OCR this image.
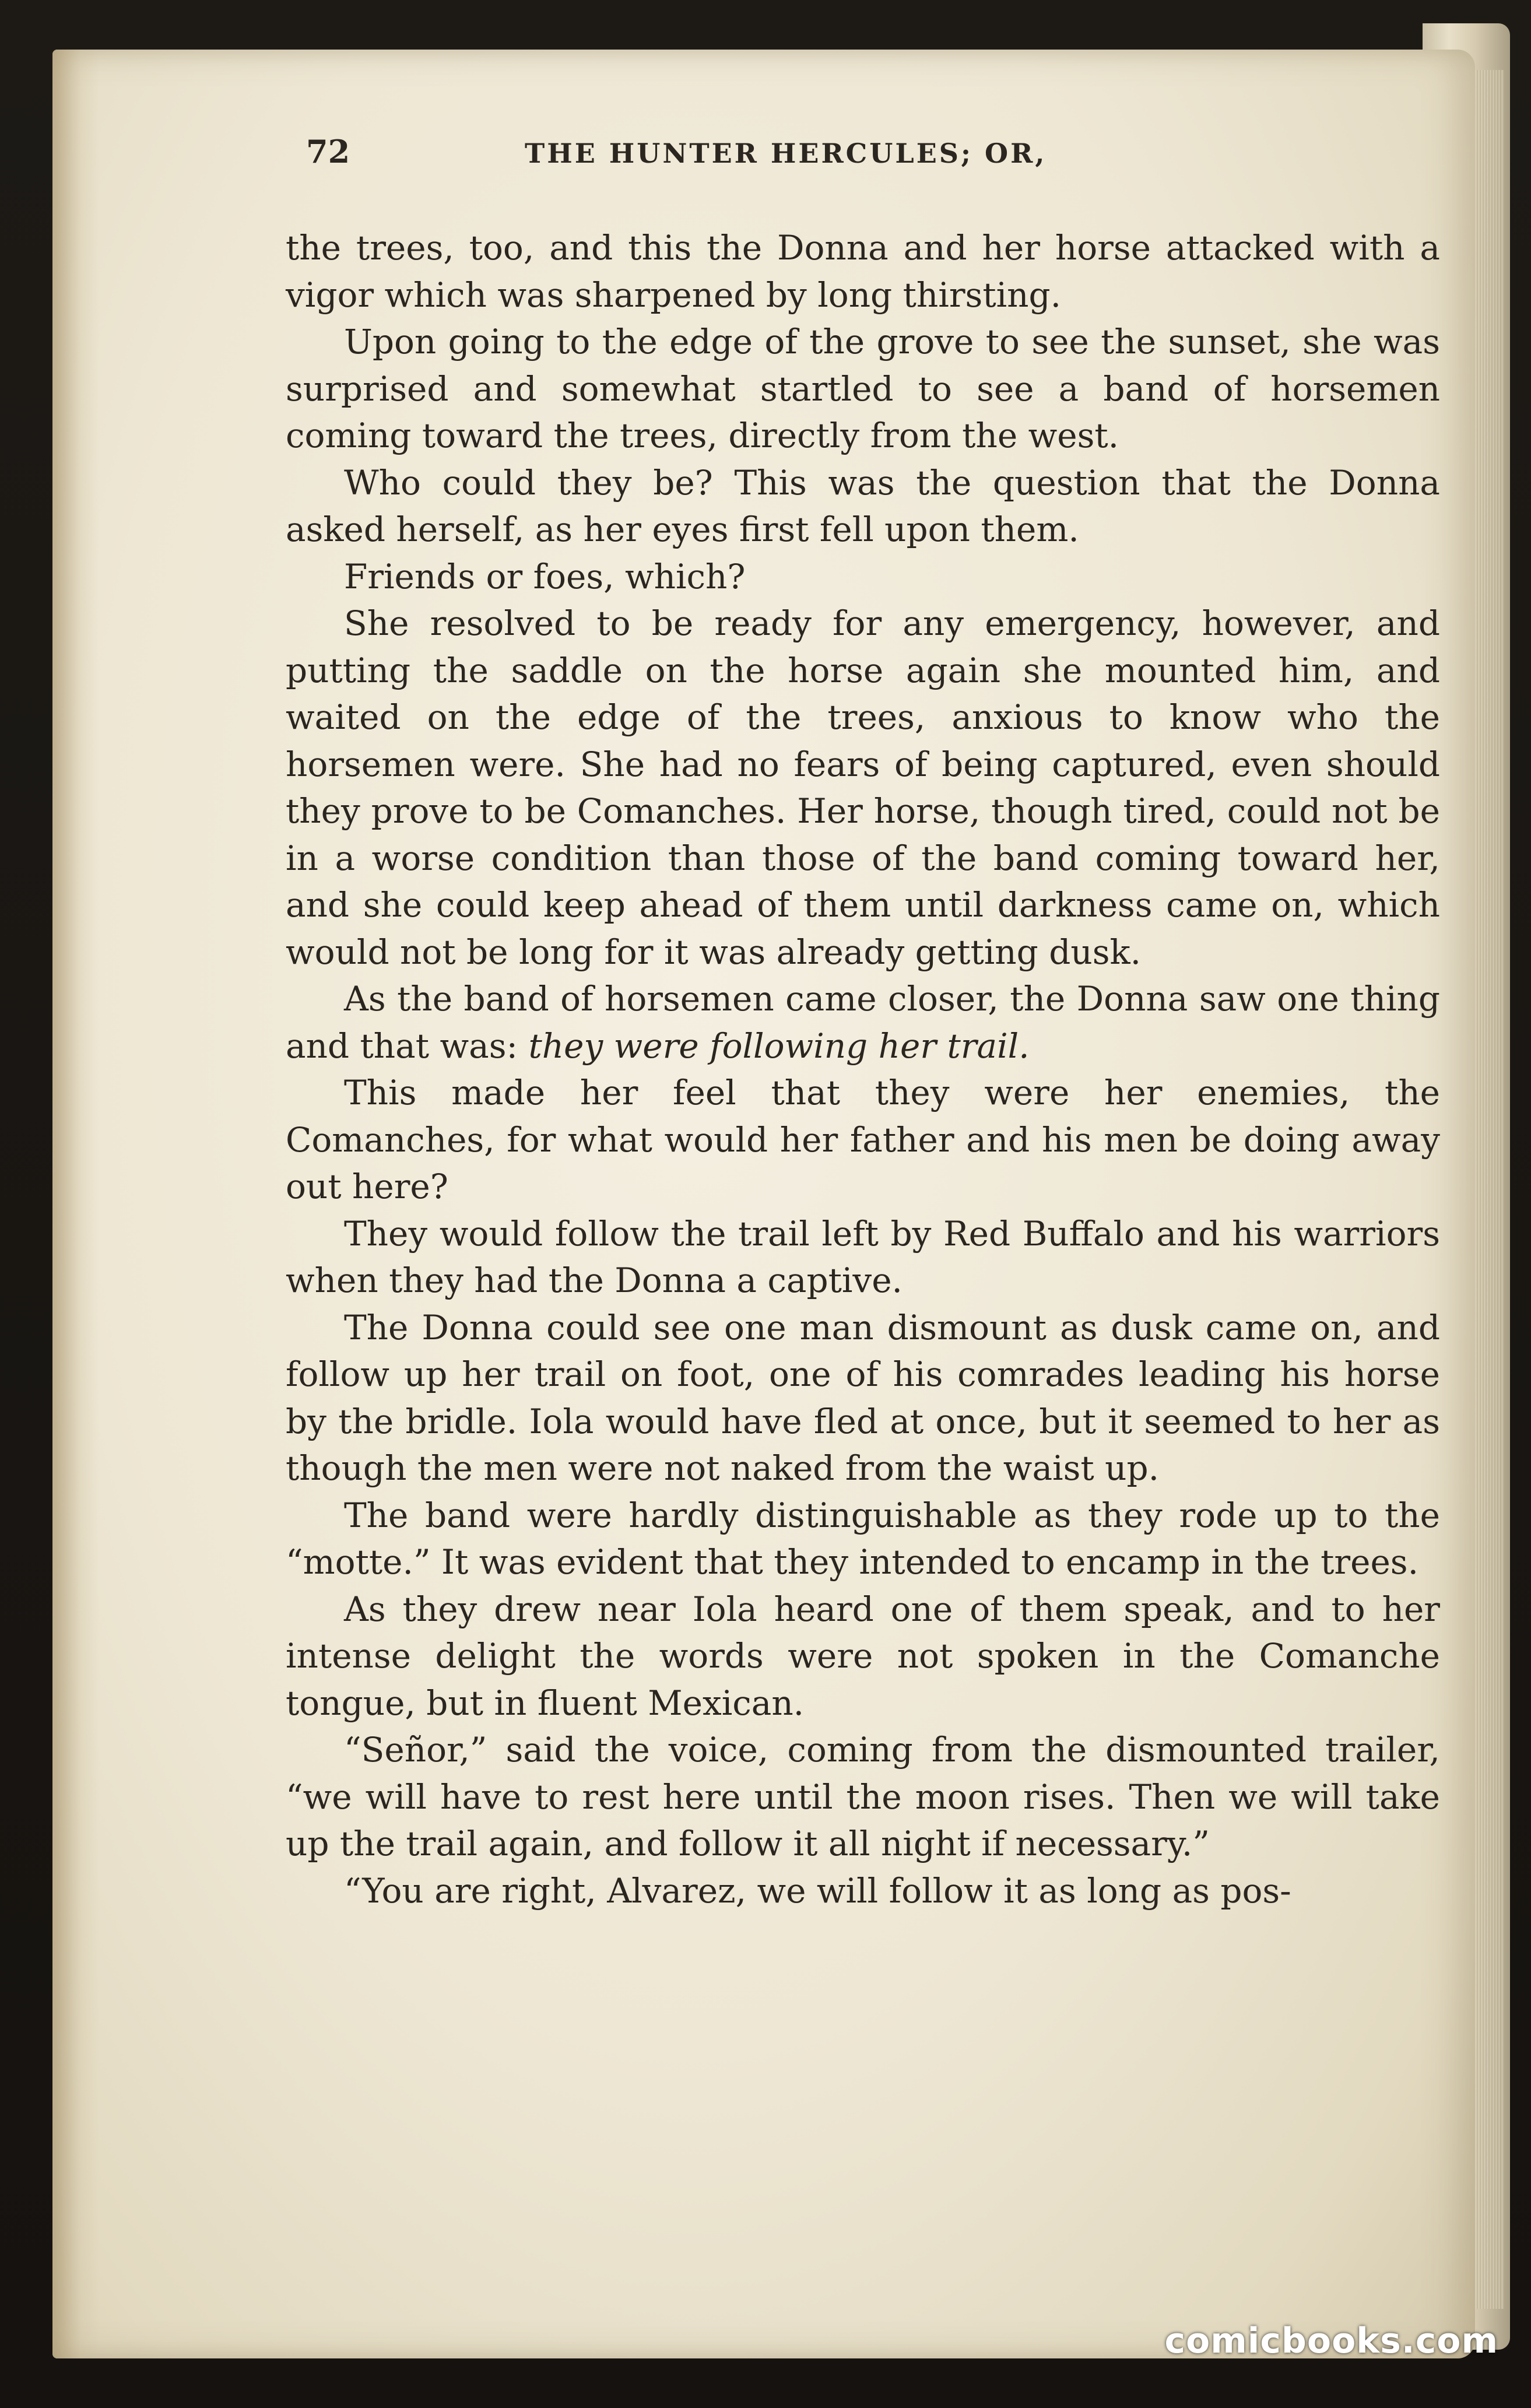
72	THE HUNTER HERCULES; OR,

the trees, too, and this the Donna and her horse attacked with a vigor which was sharpened by long thirsting.

Upon going to the edge of the grove to see the sunset, she was surprised and somewhat startled to see a band of horsemen coming toward the trees, directly from the west.

Who could they be? This was the question that the Donna asked herself, as her eyes first fell upon them.

Friends or foes, which?

She resolved to be ready for any emergency, however, and putting the saddle on the horse again she mounted him, and waited on the edge of the trees, anxious to know who the horsemen were. She had no fears of being captured, even should they prove to be Comanches. Her horse, though tired, could not be in a worse condition than those of the band coming toward her, and she could keep ahead of them until darkness came on, which would not be long for it was already getting dusk.

As the band of horsemen came closer, the Donna saw one thing and that was: they were following her trail.

This made her feel that they were her enemies, the Comanches, for what would her father and his men be doing away out here?

They would follow the trail left by Red Buffalo and his warriors when they had the Donna a captive.

The Donna could see one man dismount as dusk came on, and follow up her trail on foot, one of his comrades leading his horse by the bridle. Iola would have fled at once, but it seemed to her as though the men were not naked from the waist up.

The band were hardly distinguishable as they rode up to the “motte.” It was evident that they intended to encamp in the trees.

As they drew near Iola heard one of them speak, and to her intense delight the words were not spoken in the Comanche tongue, but in fluent Mexican.

“Señor,” said the voice, coming from the dismounted trailer, “we will have to rest here until the moon rises. Then we will take up the trail again, and follow it all night if necessary.”

“You are right, Alvarez, we will follow it as long as pos-

comicbooks.com
